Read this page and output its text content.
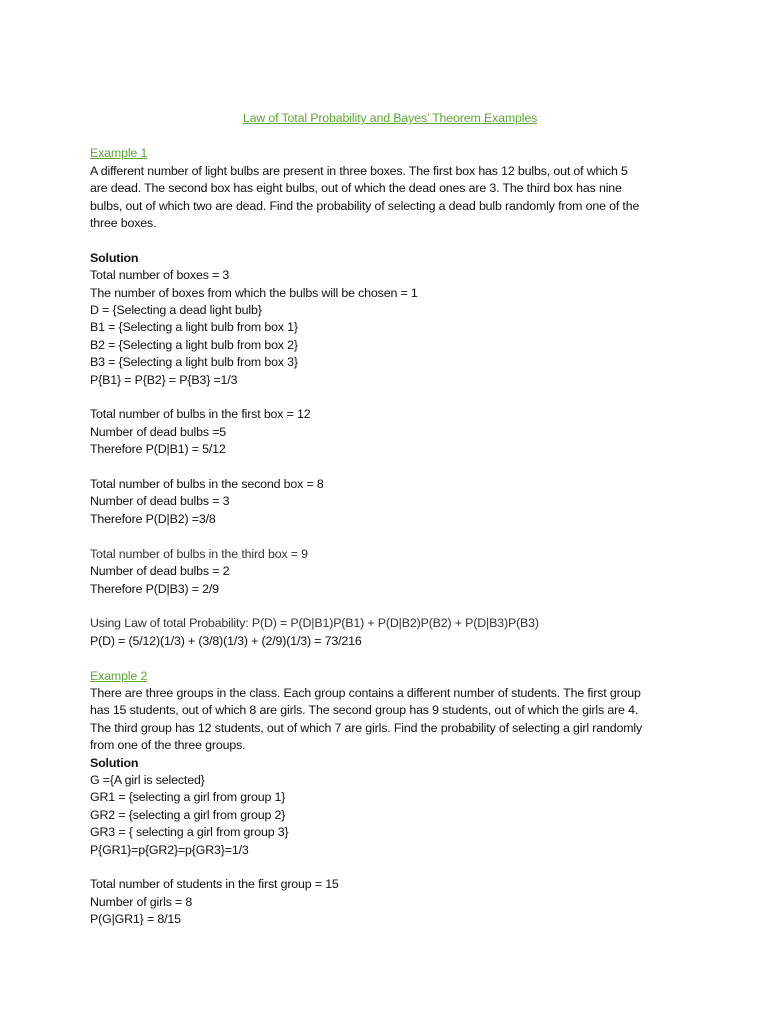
Law of Total Probability and Bayes’ Theorem Examples
Example 1
A different number of light bulbs are present in three boxes. The first box has 12 bulbs, out of which 5
are dead. The second box has eight bulbs, out of which the dead ones are 3. The third box has nine
bulbs, out of which two are dead. Find the probability of selecting a dead bulb randomly from one of the
three boxes.
Solution
Total number of boxes = 3
The number of boxes from which the bulbs will be chosen = 1
D = {Selecting a dead light bulb}
B1 = {Selecting a light bulb from box 1}
B2 = {Selecting a light bulb from box 2}
B3 = {Selecting a light bulb from box 3}
P{B1} = P{B2} = P{B3} =1/3
Total number of bulbs in the first box = 12
Number of dead bulbs =5
Therefore P(D|B1) = 5/12
Total number of bulbs in the second box = 8
Number of dead bulbs = 3
Therefore P(D|B2) =3/8
Total number of bulbs in the third box = 9
Number of dead bulbs = 2
Therefore P(D|B3) = 2/9
Using Law of total Probability: P(D) = P(D|B1)P(B1) + P(D|B2)P(B2) + P(D|B3)P(B3)
P(D) = (5/12)(1/3) + (3/8)(1/3) + (2/9)(1/3) = 73/216
Example 2
There are three groups in the class. Each group contains a different number of students. The first group
has 15 students, out of which 8 are girls. The second group has 9 students, out of which the girls are 4.
The third group has 12 students, out of which 7 are girls. Find the probability of selecting a girl randomly
from one of the three groups.
Solution
G ={A girl is selected}
GR1 = {selecting a girl from group 1}
GR2 = {selecting a girl from group 2}
GR3 = { selecting a girl from group 3}
P{GR1}=p{GR2}=p{GR3}=1/3
Total number of students in the first group = 15
Number of girls = 8
P(G|GR1} = 8/15
